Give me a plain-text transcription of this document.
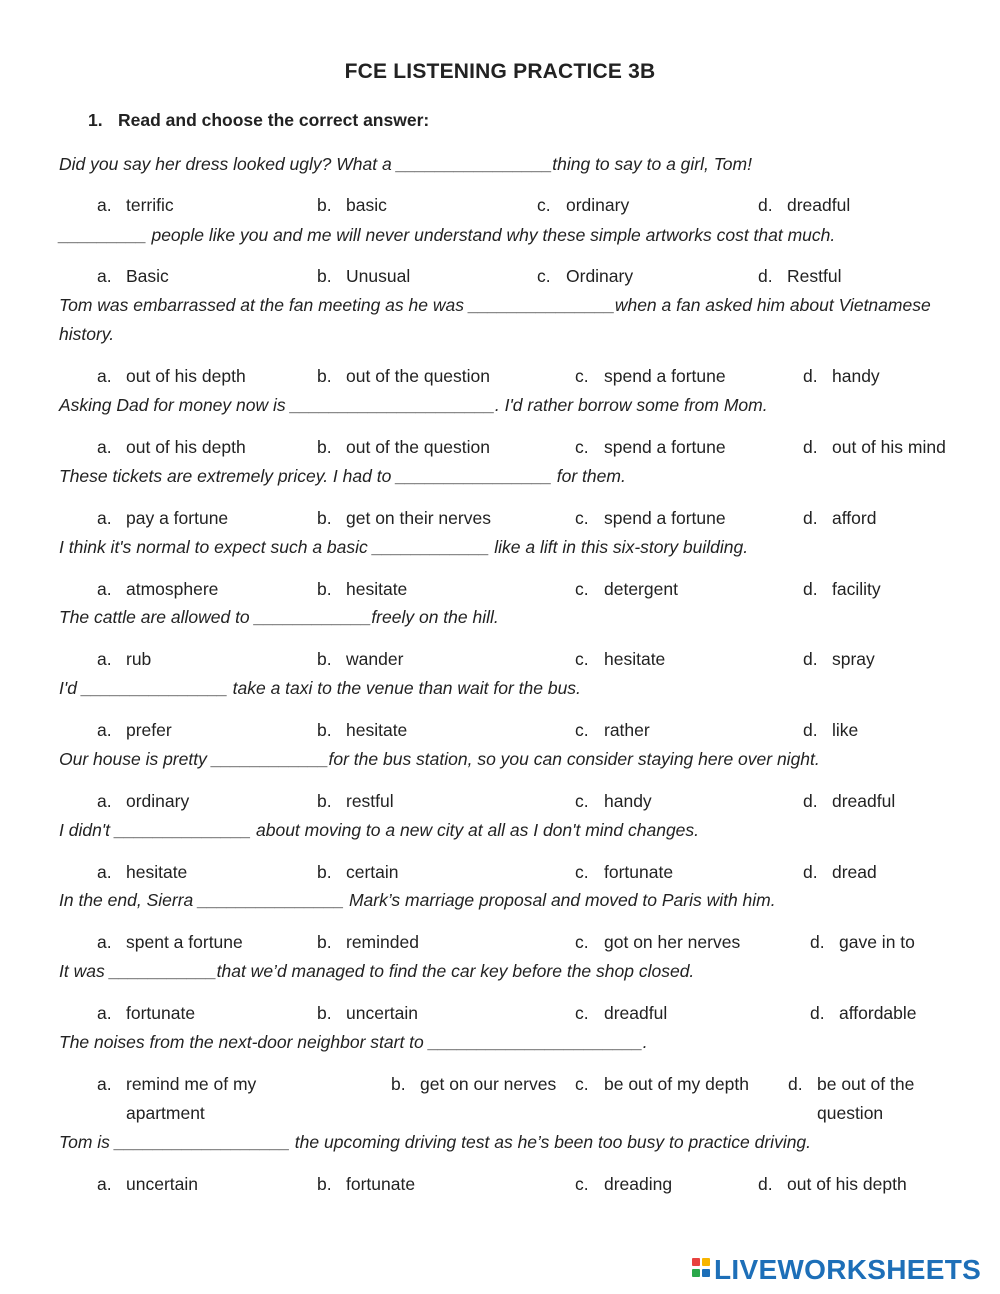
FCE LISTENING PRACTICE 3B
1. Read and choose the correct answer:
Did you say her dress looked ugly? What a ________________thing to say to a girl, Tom!
a. terrific	b. basic	c. ordinary	d. dreadful
_________ people like you and me will never understand why these simple artworks cost that much.
a. Basic	b. Unusual	c. Ordinary	d. Restful
Tom was embarrassed at the fan meeting as he was _______________when a fan asked him about Vietnamese history.
a. out of his depth	b. out of the question	c. spend a fortune	d. handy
Asking Dad for money now is _____________________. I'd rather borrow some from Mom.
a. out of his depth	b. out of the question	c. spend a fortune	d. out of his mind
These tickets are extremely pricey. I had to ________________ for them.
a. pay a fortune	b. get on their nerves	c. spend a fortune	d. afford
I think it's normal to expect such a basic ____________ like a lift in this six-story building.
a. atmosphere	b. hesitate	c. detergent	d. facility
The cattle are allowed to ____________freely on the hill.
a. rub	b. wander	c. hesitate	d. spray
I'd _______________ take a taxi to the venue than wait for the bus.
a. prefer	b. hesitate	c. rather	d. like
Our house is pretty ____________for the bus station, so you can consider staying here over night.
a. ordinary	b. restful	c. handy	d. dreadful
I didn't ______________ about moving to a new city at all as I don't mind changes.
a. hesitate	b. certain	c. fortunate	d. dread
In the end, Sierra _______________ Mark’s marriage proposal and moved to Paris with him.
a. spent a fortune	b. reminded	c. got on her nerves	d. gave in to
It was ___________that we’d managed to find the car key before the shop closed.
a. fortunate	b. uncertain	c. dreadful	d. affordable
The noises from the next-door neighbor start to ______________________.
a. remind me of my apartment
b. get on our nerves	c. be out of my depth	d. be out of the question
Tom is __________________ the upcoming driving test as he’s been too busy to practice driving.
a. uncertain	b. fortunate	c. dreading	d. out of his depth
LIVEWORKSHEETS
